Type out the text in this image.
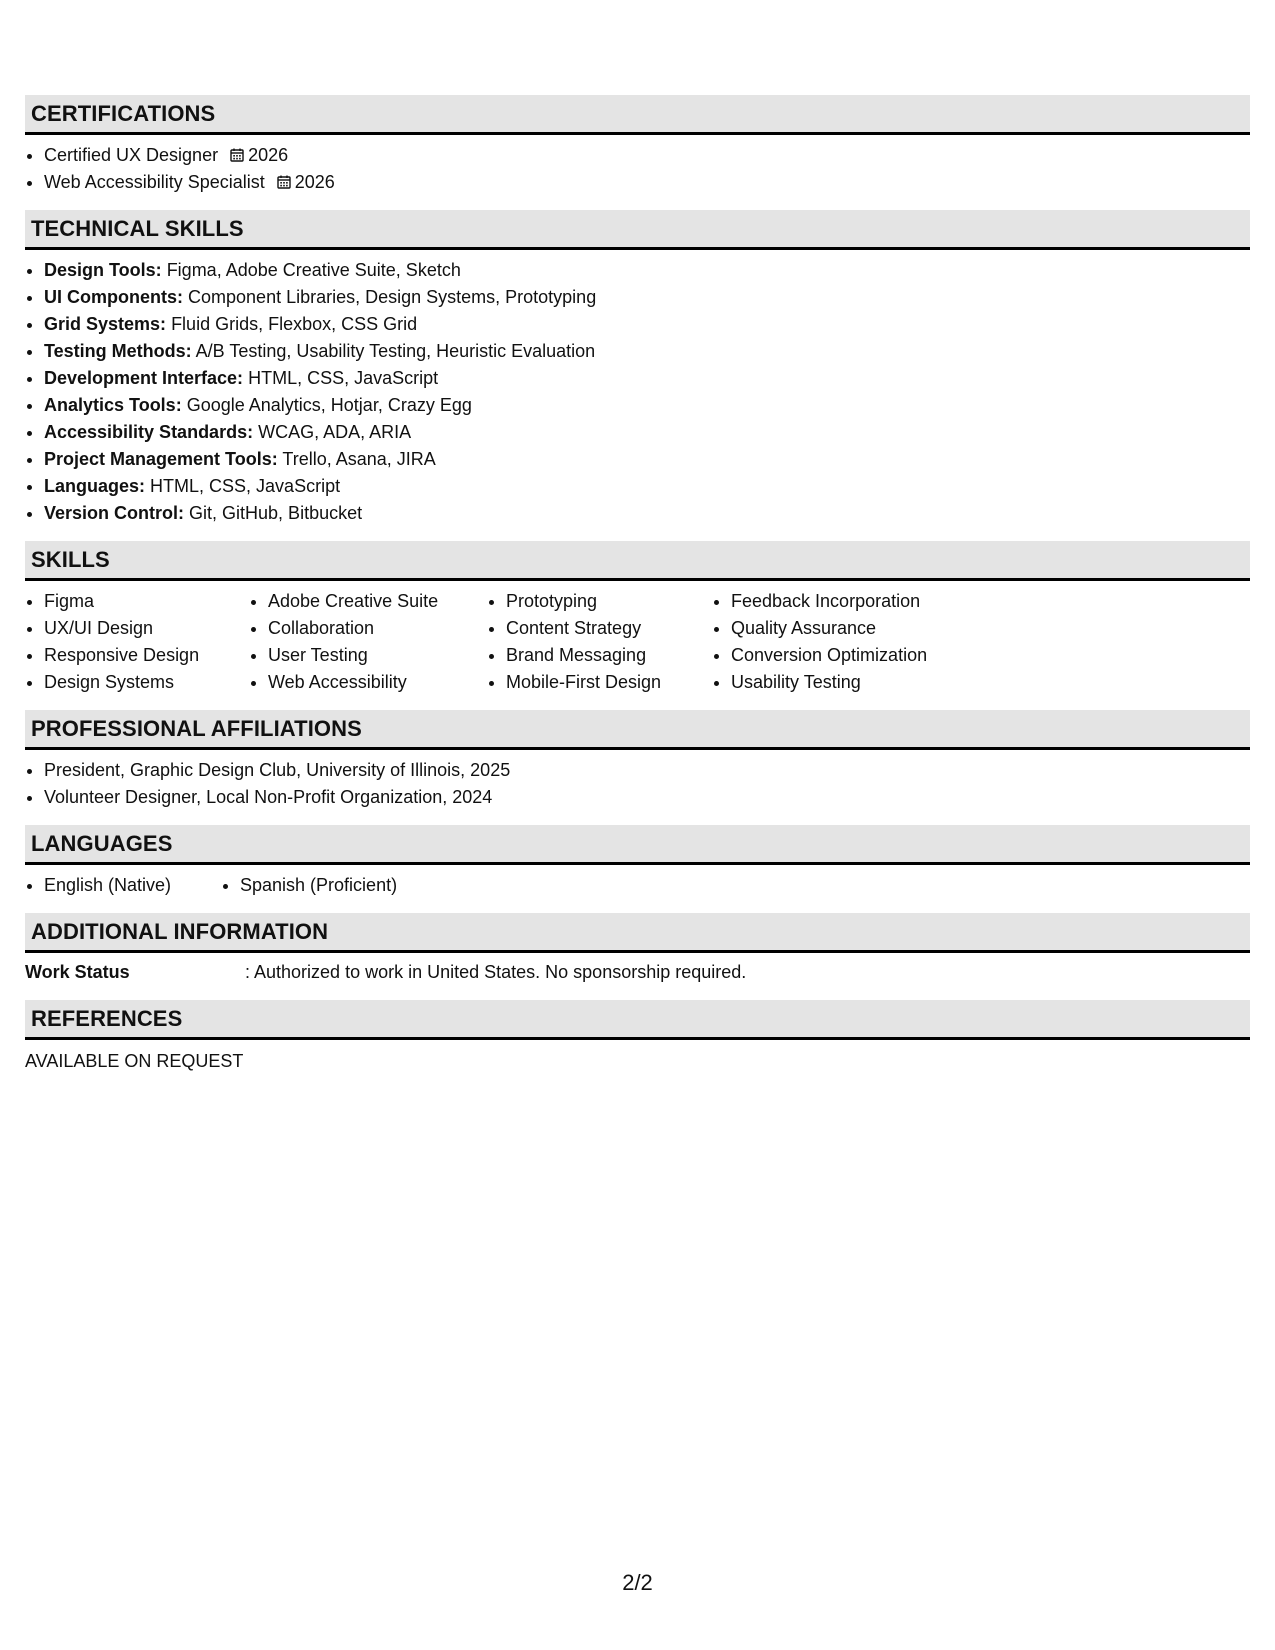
CERTIFICATIONS
• Certified UX Designer 2026
• Web Accessibility Specialist 2026
TECHNICAL SKILLS
• Design Tools: Figma, Adobe Creative Suite, Sketch
• UI Components: Component Libraries, Design Systems, Prototyping
• Grid Systems: Fluid Grids, Flexbox, CSS Grid
• Testing Methods: A/B Testing, Usability Testing, Heuristic Evaluation
• Development Interface: HTML, CSS, JavaScript
• Analytics Tools: Google Analytics, Hotjar, Crazy Egg
• Accessibility Standards: WCAG, ADA, ARIA
• Project Management Tools: Trello, Asana, JIRA
• Languages: HTML, CSS, JavaScript
• Version Control: Git, GitHub, Bitbucket
SKILLS
• Figma
• UX/UI Design
• Responsive Design
• Design Systems
• Adobe Creative Suite
• Collaboration
• User Testing
• Web Accessibility
• Prototyping
• Content Strategy
• Brand Messaging
• Mobile-First Design
• Feedback Incorporation
• Quality Assurance
• Conversion Optimization
• Usability Testing
PROFESSIONAL AFFILIATIONS
• President, Graphic Design Club, University of Illinois, 2025
• Volunteer Designer, Local Non-Profit Organization, 2024
LANGUAGES
• English (Native)
•	Spanish (Proficient)
ADDITIONAL INFORMATION
Work Status	: Authorized to work in United States. No sponsorship required.
REFERENCES
AVAILABLE ON REQUEST
2/2
